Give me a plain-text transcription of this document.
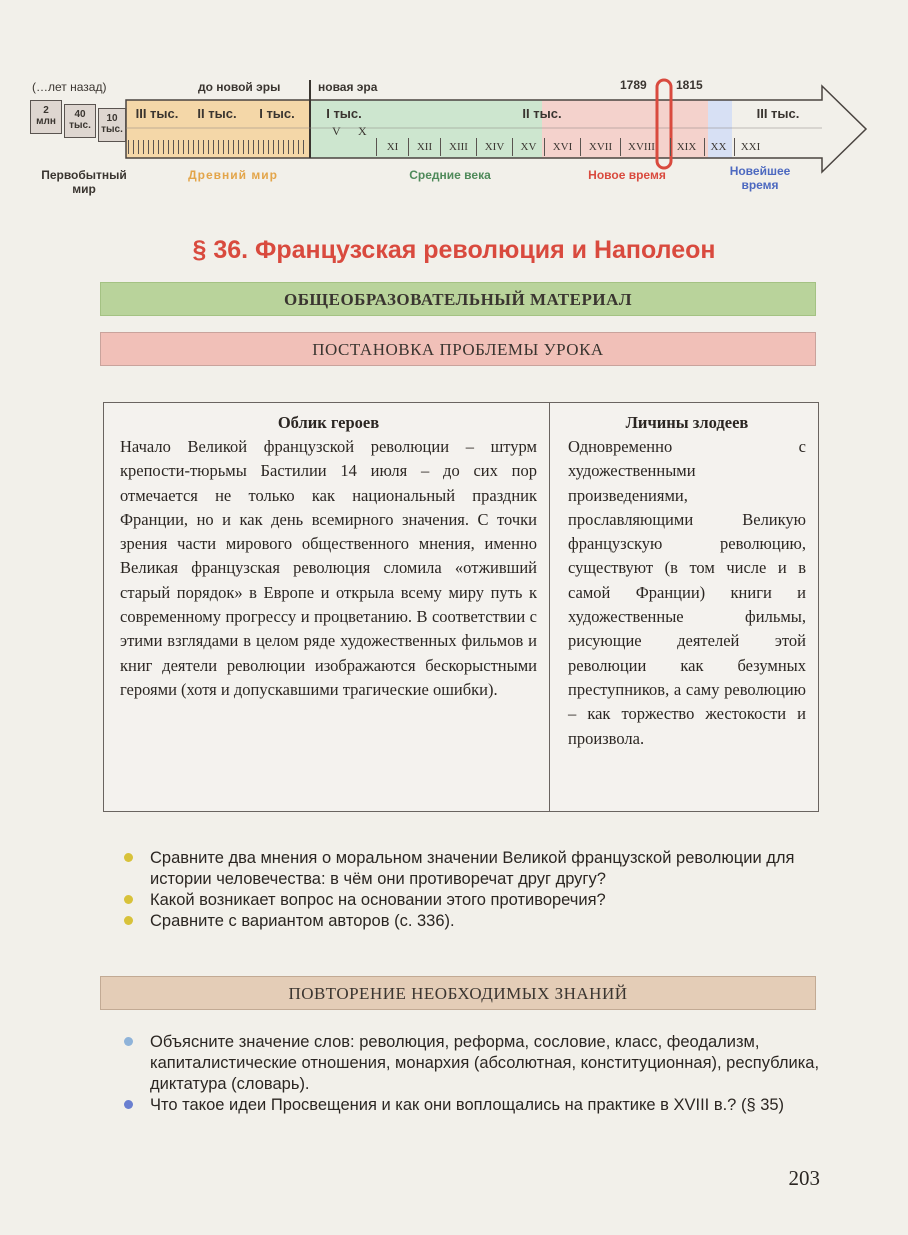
(…лет назад)	до новой эры	новая эра	1789 1815
2
млн
40
тыс.
10
тыс.
III тыс.	II тыс.	I тыс.	I тыс.
V X
II тыс.	III тыс.
XI	XII	XIII	XIV	XV	XVI	XVII	XVIII	XIX	XX	XXI
Первобытный мир
Древний мир	Средние века	Новое время	Новейшее время
§ 36. Французская революция и Наполеон
ОБЩЕОБРАЗОВАТЕЛЬНЫЙ МАТЕРИАЛ
ПОСТАНОВКА ПРОБЛЕМЫ УРОКА
Облик героев
Начало Великой французской революции – штурм крепости-тюрьмы Бастилии 14 июля – до сих пор отмечается не только как национальный праздник Франции, но и как день всемирного значения. С точки зрения части мирового общественного мнения, именно Великая французская революция сломила «отживший старый порядок» в Европе и открыла всему миру путь к современному прогрессу и процветанию. В соответствии с этими взглядами в целом ряде художественных фильмов и книг деятели революции изображаются бескорыстными героями (хотя и допускавшими трагические ошибки).
Личины злодеев
Одновременно с художественными произведениями, прославляющими Великую французскую революцию, существуют (в том числе и в самой Франции) книги и художественные фильмы, рисующие деятелей этой революции как безумных преступников, а саму революцию – как торжество жестокости и произвола.
Сравните два мнения о моральном значении Великой французской революции для истории человечества: в чём они противоречат друг другу?
Какой возникает вопрос на основании этого противоречия?
Сравните с вариантом авторов (с. 336).
ПОВТОРЕНИЕ НЕОБХОДИМЫХ ЗНАНИЙ
Объясните значение слов: революция, реформа, сословие, класс, феодализм, капиталистические отношения, монархия (абсолютная, конституционная), республика, диктатура (словарь).
Что такое идеи Просвещения и как они воплощались на практике в XVIII в.? (§ 35)
203
